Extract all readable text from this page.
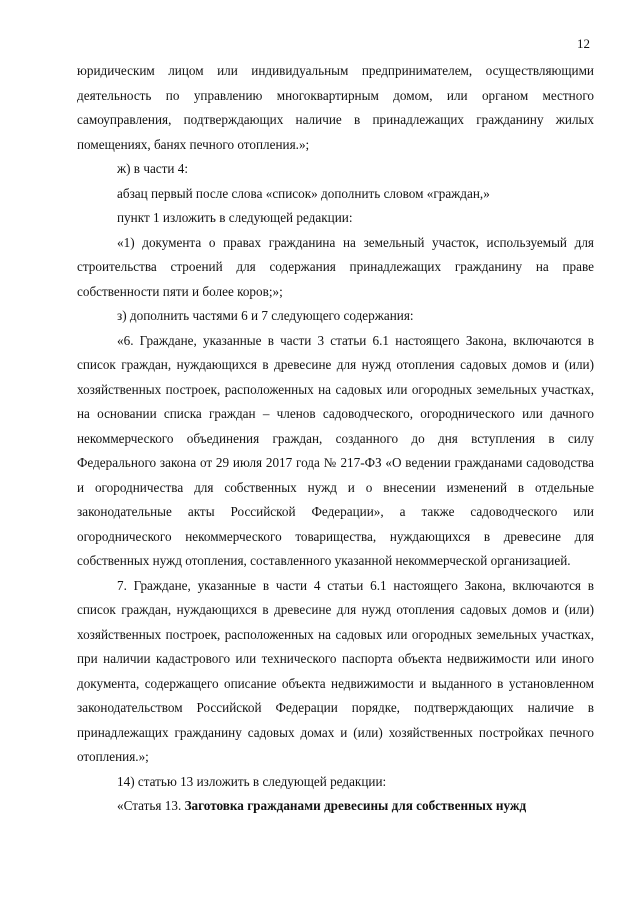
12

юридическим лицом или индивидуальным предпринимателем, осуществляющими деятельность по управлению многоквартирным домом, или органом местного самоуправления, подтверждающих наличие в принадлежащих гражданину жилых помещениях, банях печного отопления.»;

ж) в части 4:

абзац первый после слова «список» дополнить словом «граждан,»

пункт 1 изложить в следующей редакции:

«1) документа о правах гражданина на земельный участок, используемый для строительства строений для содержания принадлежащих гражданину на праве собственности пяти и более коров;»;

з) дополнить частями 6 и 7 следующего содержания:

«6. Граждане, указанные в части 3 статьи 6.1 настоящего Закона, включаются в список граждан, нуждающихся в древесине для нужд отопления садовых домов и (или) хозяйственных построек, расположенных на садовых или огородных земельных участках, на основании списка граждан – членов садоводческого, огороднического или дачного некоммерческого объединения граждан, созданного до дня вступления в силу Федерального закона от 29 июля 2017 года № 217-ФЗ «О ведении гражданами садоводства и огородничества для собственных нужд и о внесении изменений в отдельные законодательные акты Российской Федерации», а также садоводческого или огороднического некоммерческого товарищества, нуждающихся в древесине для собственных нужд отопления, составленного указанной некоммерческой организацией.

7. Граждане, указанные в части 4 статьи 6.1 настоящего Закона, включаются в список граждан, нуждающихся в древесине для нужд отопления садовых домов и (или) хозяйственных построек, расположенных на садовых или огородных земельных участках, при наличии кадастрового или технического паспорта объекта недвижимости или иного документа, содержащего описание объекта недвижимости и выданного в установленном законодательством Российской Федерации порядке, подтверждающих наличие в принадлежащих гражданину садовых домах и (или) хозяйственных постройках печного отопления.»;

14) статью 13 изложить в следующей редакции:

«Статья 13. Заготовка гражданами древесины для собственных нужд
